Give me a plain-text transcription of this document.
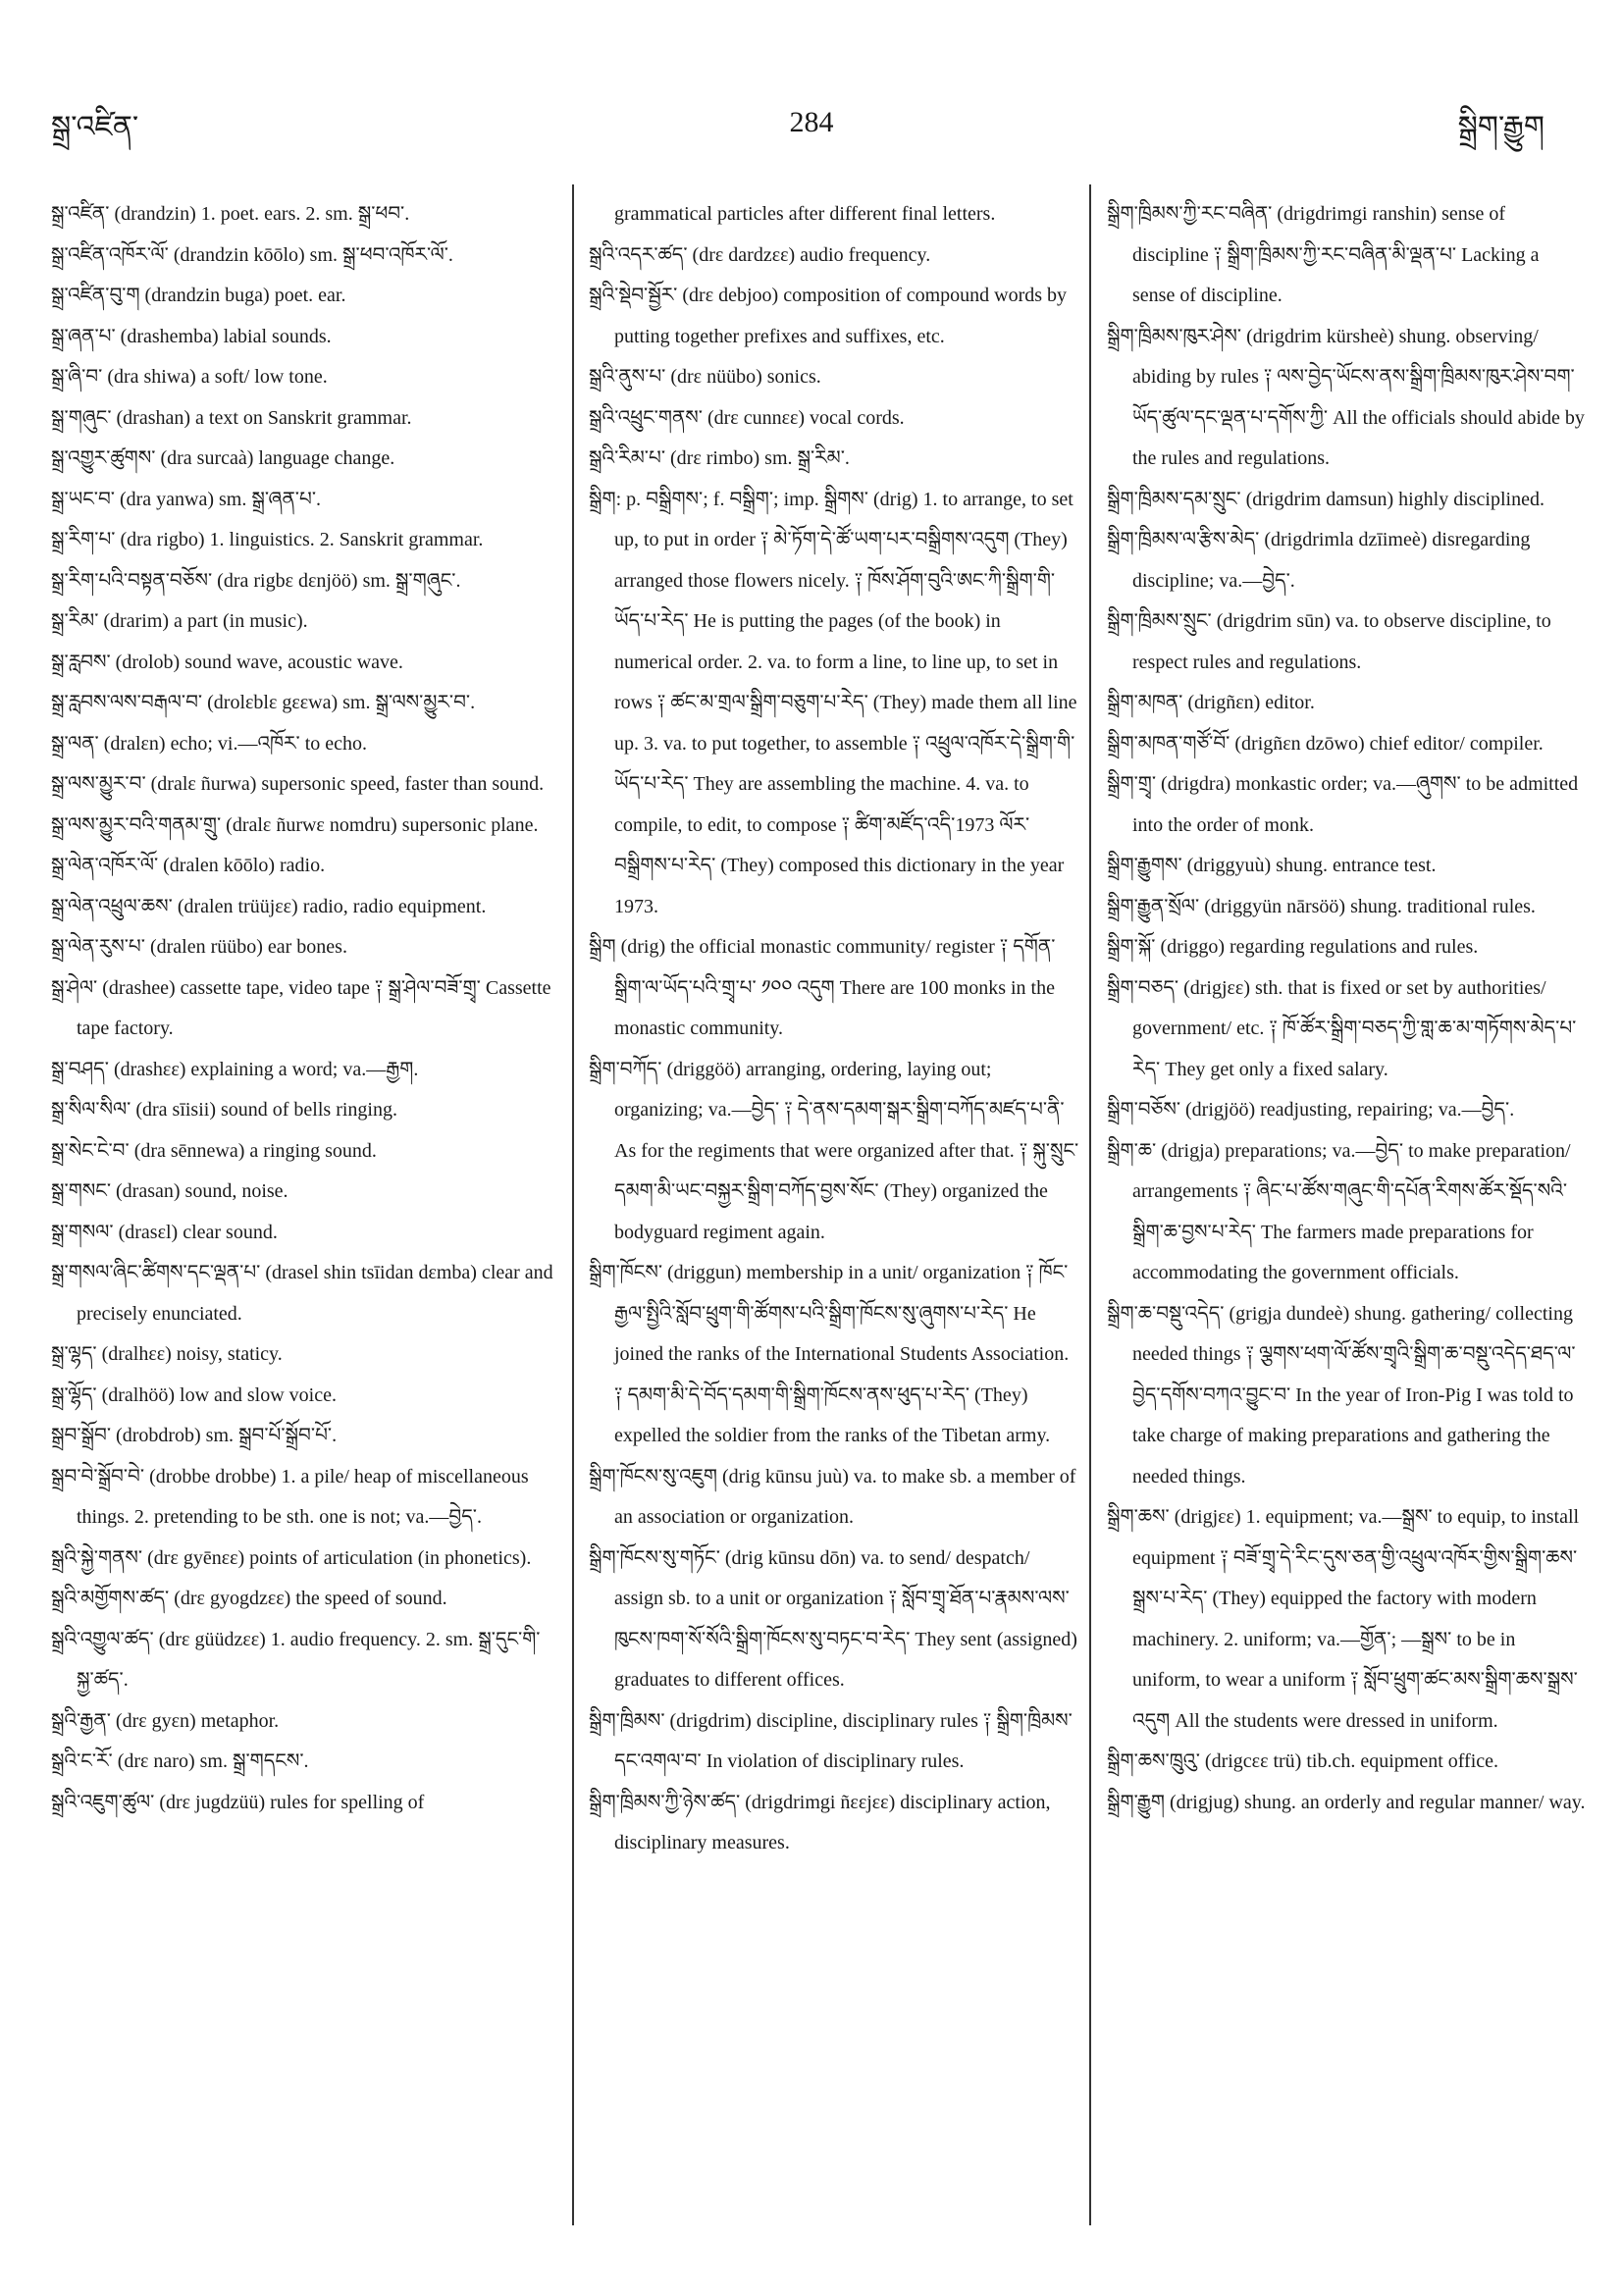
སྒྲ་འཛིན་	284	སྒྲིག་རྒྱུག

སྒྲ་འཛིན་ (drandzin) 1. poet. ears. 2. sm. སྒྲ་ཕབ་.

སྒྲ་འཛིན་འཁོར་ལོ་ (drandzin kōōlo) sm. སྒྲ་ཕབ་འཁོར་ལོ་.

སྒྲ་འཛིན་བུ་ག (drandzin buga) poet. ear.

སྒྲ་ཞན་པ་ (drashemba) labial sounds.

སྒྲ་ཞི་བ་ (dra shiwa) a soft/ low tone.

སྒྲ་གཞུང་ (drashan) a text on Sanskrit grammar.

སྒྲ་འགྱུར་ཚུགས་ (dra surcaà) language change.

སྒྲ་ཡང་བ་ (dra yanwa) sm. སྒྲ་ཞན་པ་.

སྒྲ་རིག་པ་ (dra rigbo) 1. linguistics. 2. Sanskrit grammar.

སྒྲ་རིག་པའི་བསྟན་བཅོས་ (dra rigbε dεnjöö) sm. སྒྲ་གཞུང་.

སྒྲ་རིམ་ (drarim) a part (in music).

སྒྲ་རླབས་ (drolob) sound wave, acoustic wave.

སྒྲ་རླབས་ལས་བརྒལ་བ་ (drolεblε gεεwa) sm. སྒྲ་ལས་མྱུར་བ་.

སྒྲ་ལན་ (dralεn) echo; vi.—འཁོར་ to echo.

སྒྲ་ལས་མྱུར་བ་ (dralε ñurwa) supersonic speed, faster than sound.

སྒྲ་ལས་མྱུར་བའི་གནམ་གྲུ་ (dralε ñurwε nomdru) supersonic plane.

སྒྲ་ལེན་འཁོར་ལོ་ (dralen kōōlo) radio.

སྒྲ་ལེན་འཕྲུལ་ཆས་ (dralen trüüjεε) radio, radio equipment.

སྒྲ་ལེན་རུས་པ་ (dralen rüübo) ear bones.

སྒྲ་ཤེལ་ (drashee) cassette tape, video tape ༑ སྒྲ་ཤེལ་བཟོ་གྲྭ་ Cassette tape factory.

སྒྲ་བཤད་ (drashεε) explaining a word; va.—རྒྱག.

སྒྲ་སིལ་སིལ་ (dra sīisii) sound of bells ringing.

སྒྲ་སེང་ངེ་བ་ (dra sēnnewa) a ringing sound.

སྒྲ་གསང་ (drasan) sound, noise.

སྒྲ་གསལ་ (drasεl) clear sound.

སྒྲ་གསལ་ཞིང་ཚིགས་དང་ལྡན་པ་ (drasel shin tsīidan dεmba) clear and precisely enunciated.

སྒྲ་ལྷད་ (dralhεε) noisy, staticy.

སྒྲ་ལྷོད་ (dralhöö) low and slow voice.

སྒྲབ་སྒྲོབ་ (drobdrob) sm. སྒྲབ་པོ་སྒྲོབ་པོ་.

སྒྲབ་བེ་སྒྲོབ་བེ་ (drobbe drobbe) 1. a pile/ heap of miscellaneous things. 2. pretending to be sth. one is not; va.—བྱེད་.

སྒྲའི་སྐྱེ་གནས་ (drε gyēnεε) points of articulation (in phonetics).

སྒྲའི་མགྱོགས་ཚད་ (drε gyogdzεε) the speed of sound.

སྒྲའི་འགྱུལ་ཚད་ (drε güüdzεε) 1. audio frequency. 2. sm. སྒྲ་དུང་གི་སྐྱ་ཚད་.

སྒྲའི་རྒྱན་ (drε gyεn) metaphor.

སྒྲའི་ང་རོ་ (drε naro) sm. སྒྲ་གདངས་.

སྒྲའི་འཇུག་ཚུལ་ (drε jugdzüü) rules for spelling of

grammatical particles after different final letters.

སྒྲའི་འདར་ཚད་ (drε dardzεε) audio frequency.

སྒྲའི་སྡེབ་སྦྱོར་ (drε debjoo) composition of compound words by putting together prefixes and suffixes, etc.

སྒྲའི་ནུས་པ་ (drε nüübo) sonics.

སྒྲའི་འཕྲུང་གནས་ (drε cunnεε) vocal cords.

སྒྲའི་རིམ་པ་ (drε rimbo) sm. སྒྲ་རིམ་.

སྒྲིག: p. བསྒྲིགས་; f. བསྒྲིག་; imp. སྒྲིགས་ (drig) 1. to arrange, to set up, to put in order ༑ མེ་ཏོག་དེ་ཚོ་ཡག་པར་བསྒྲིགས་འདུག (They) arranged those flowers nicely. ༑ ཁོས་ཤོག་བུའི་ཨང་ཀི་སྒྲིག་གི་ཡོད་པ་རེད་ He is putting the pages (of the book) in numerical order. 2. va. to form a line, to line up, to set in rows ༑ ཚང་མ་གྲལ་སྒྲིག་བཅུག་པ་རེད་ (They) made them all line up. 3. va. to put together, to assemble ༑ འཕྲུལ་འཁོར་དེ་སྒྲིག་གི་ཡོད་པ་རེད་ They are assembling the machine. 4. va. to compile, to edit, to compose ༑ ཚིག་མཛོད་འདི་1973 ལོར་བསྒྲིགས་པ་རེད་ (They) composed this dictionary in the year 1973.

སྒྲིག (drig) the official monastic community/ register ༑ དགོན་སྒྲིག་ལ་ཡོད་པའི་གྲྭ་པ་ ༡༠༠ འདུག There are 100 monks in the monastic community.

སྒྲིག་བཀོད་ (driggöö) arranging, ordering, laying out; organizing; va.—བྱེད་ ༑ དེ་ནས་དམག་སྒར་སྒྲིག་བཀོད་མཛད་པ་ནི་ As for the regiments that were organized after that. ༑ སྐུ་སྲུང་དམག་མི་ཡང་བསྐྱར་སྒྲིག་བཀོད་བྱས་སོང་ (They) organized the bodyguard regiment again.

སྒྲིག་ཁོངས་ (driggun) membership in a unit/ organization ༑ ཁོང་རྒྱལ་སྤྱིའི་སློབ་ཕྲུག་གི་ཚོགས་པའི་སྒྲིག་ཁོངས་སུ་ཞུགས་པ་རེད་ He joined the ranks of the International Students Association. ༑ དམག་མི་དེ་བོད་དམག་གི་སྒྲིག་ཁོངས་ནས་ཕུད་པ་རེད་ (They) expelled the soldier from the ranks of the Tibetan army.

སྒྲིག་ཁོངས་སུ་འཇུག (drig kūnsu juù) va. to make sb. a member of an association or organization.

སྒྲིག་ཁོངས་སུ་གཏོང་ (drig kūnsu dōn) va. to send/ despatch/ assign sb. to a unit or organization ༑ སློབ་གྲྭ་ཐོན་པ་རྣམས་ལས་ཁུངས་ཁག་སོ་སོའི་སྒྲིག་ཁོངས་སུ་བཏང་བ་རེད་ They sent (assigned) graduates to different offices.

སྒྲིག་ཁྲིམས་ (drigdrim) discipline, disciplinary rules ༑ སྒྲིག་ཁྲིམས་དང་འགལ་བ་ In violation of disciplinary rules.

སྒྲིག་ཁྲིམས་ཀྱི་ཉེས་ཚད་ (drigdrimgi ñεεjεε) disciplinary action, disciplinary measures.

སྒྲིག་ཁྲིམས་ཀྱི་རང་བཞིན་ (drigdrimgi ranshin) sense of discipline ༑ སྒྲིག་ཁྲིམས་ཀྱི་རང་བཞིན་མི་ལྡན་པ་ Lacking a sense of discipline.

སྒྲིག་ཁྲིམས་ཁུར་ཤེས་ (drigdrim kürsheè) shung. observing/ abiding by rules ༑ ལས་བྱེད་ཡོངས་ནས་སྒྲིག་ཁྲིམས་ཁུར་ཤེས་བག་ཡོད་ཚུལ་དང་ལྡན་པ་དགོས་ཀྱི་ All the officials should abide by the rules and regulations.

སྒྲིག་ཁྲིམས་དམ་སྲུང་ (drigdrim damsun) highly disciplined.

སྒྲིག་ཁྲིམས་ལ་རྩིས་མེད་ (drigdrimla dzīimeè) disregarding discipline; va.—བྱེད་.

སྒྲིག་ཁྲིམས་སྲུང་ (drigdrim sūn) va. to observe discipline, to respect rules and regulations.

སྒྲིག་མཁན་ (drigñεn) editor.

སྒྲིག་མཁན་གཙོ་བོ་ (drigñεn dzōwo) chief editor/ compiler.

སྒྲིག་གྲྭ་ (drigdra) monkastic order; va.—ཞུགས་ to be admitted into the order of monk.

སྒྲིག་རྒྱུགས་ (driggyuù) shung. entrance test.

སྒྲིག་རྒྱུན་སྲོལ་ (driggyün nārsöö) shung. traditional rules.

སྒྲིག་སྐོ་ (driggo) regarding regulations and rules.

སྒྲིག་བཅད་ (drigjεε) sth. that is fixed or set by authorities/ government/ etc. ༑ ཁོ་ཚོར་སྒྲིག་བཅད་ཀྱི་གླ་ཆ་མ་གཏོགས་མེད་པ་རེད་ They get only a fixed salary.

སྒྲིག་བཅོས་ (drigjöö) readjusting, repairing; va.—བྱེད་.

སྒྲིག་ཆ་ (drigja) preparations; va.—བྱེད་ to make preparation/ arrangements ༑ ཞིང་པ་ཚོས་གཞུང་གི་དཔོན་རིགས་ཚོར་སྡོད་སའི་སྒྲིག་ཆ་བྱས་པ་རེད་ The farmers made preparations for accommodating the government officials.

སྒྲིག་ཆ་བསྡུ་འདེད་ (grigja dundeè) shung. gathering/ collecting needed things ༑ ལྕགས་ཕག་ལོ་ཚོས་གྲྭའི་སྒྲིག་ཆ་བསྡུ་འདེད་ཐད་ལ་བྱེད་དགོས་བཀའ་བྱུང་བ་ In the year of Iron-Pig I was told to take charge of making preparations and gathering the needed things.

སྒྲིག་ཆས་ (drigjεε) 1. equipment; va.—སྒྲས་ to equip, to install equipment ༑ བཟོ་གྲྭ་དེ་རིང་དུས་ཅན་གྱི་འཕྲུལ་འཁོར་གྱིས་སྒྲིག་ཆས་སྒྲས་པ་རེད་ (They) equipped the factory with modern machinery. 2. uniform; va.—གྱོན་; —སྒྲས་ to be in uniform, to wear a uniform ༑ སློབ་ཕྲུག་ཚང་མས་སྒྲིག་ཆས་སྒྲས་འདུག All the students were dressed in uniform.

སྒྲིག་ཆས་ཁྲུའུ་ (drigcεε trü) tib.ch. equipment office.

སྒྲིག་རྒྱུག (drigjug) shung. an orderly and regular manner/ way.
